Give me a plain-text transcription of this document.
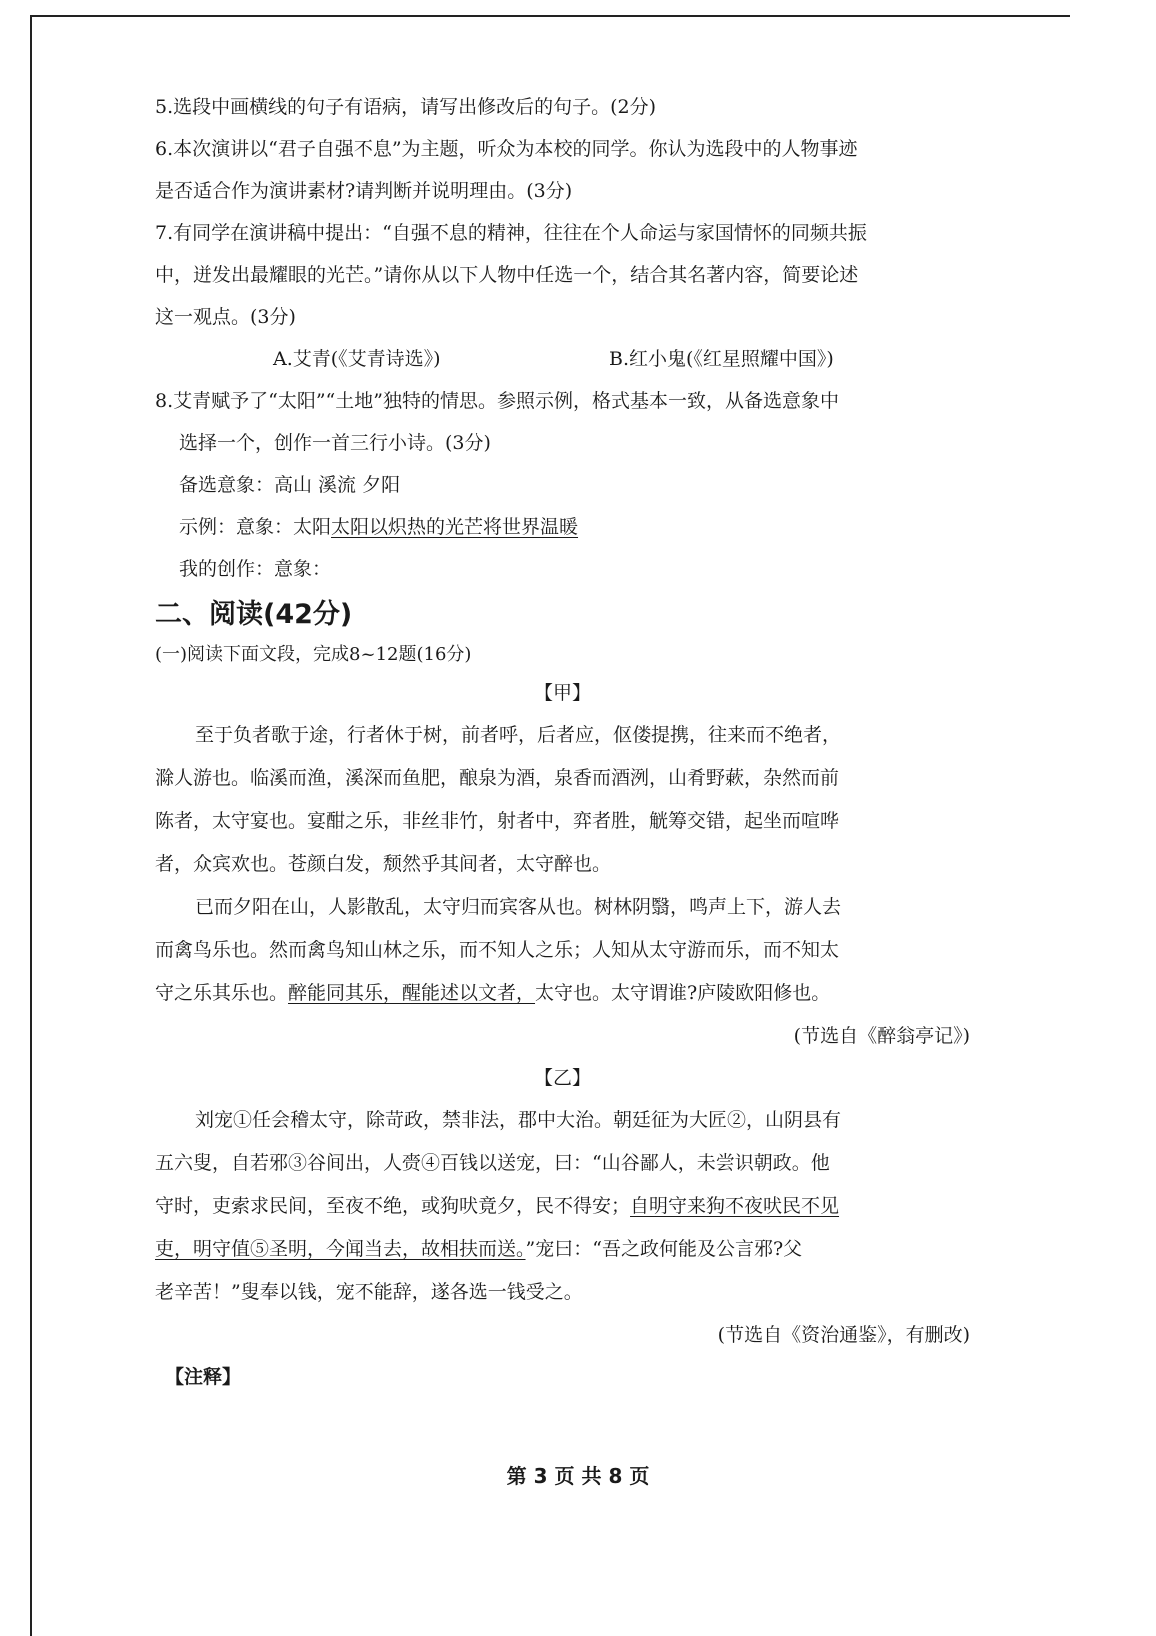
5.选段中画横线的句子有语病，请写出修改后的句子。(2分)
6.本次演讲以“君子自强不息”为主题，听众为本校的同学。你认为选段中的人物事迹
是否适合作为演讲素材?请判断并说明理由。(3分)
7.有同学在演讲稿中提出：“自强不息的精神，往往在个人命运与家国情怀的同频共振
中，迸发出最耀眼的光芒。”请你从以下人物中任选一个，结合其名著内容，简要论述
这一观点。(3分)
A.艾青(《艾青诗选》)	B.红小鬼(《红星照耀中国》)
8.艾青赋予了“太阳”“土地”独特的情思。参照示例，格式基本一致，从备选意象中
选择一个，创作一首三行小诗。(3分)
备选意象：高山 溪流 夕阳
示例：意象：太阳太阳以炽热的光芒将世界温暖
我的创作：意象：
二、阅读(42分)
(一)阅读下面文段，完成8~12题(16分)
【甲】
至于负者歌于途，行者休于树，前者呼，后者应，伛偻提携，往来而不绝者，
滁人游也。临溪而渔，溪深而鱼肥，酿泉为酒，泉香而酒洌，山肴野蔌，杂然而前
陈者，太守宴也。宴酣之乐，非丝非竹，射者中，弈者胜，觥筹交错，起坐而喧哗
者，众宾欢也。苍颜白发，颓然乎其间者，太守醉也。
已而夕阳在山，人影散乱，太守归而宾客从也。树林阴翳，鸣声上下，游人去
而禽鸟乐也。然而禽鸟知山林之乐，而不知人之乐；人知从太守游而乐，而不知太
守之乐其乐也。醉能同其乐，醒能述以文者，太守也。太守谓谁?庐陵欧阳修也。
(节选自《醉翁亭记》)
【乙】
刘宠①任会稽太守，除苛政，禁非法，郡中大治。朝廷征为大匠②，山阴县有
五六叟，自若邪③谷间出，人赍④百钱以送宠，曰：“山谷鄙人，未尝识朝政。他
守时，吏索求民间，至夜不绝，或狗吠竟夕，民不得安；自明守来狗不夜吠民不见
吏，明守值⑤圣明，今闻当去，故相扶而送。”宠曰：“吾之政何能及公言邪?父
老辛苦！”叟奉以钱，宠不能辞，遂各选一钱受之。
(节选自《资治通鉴》，有删改)
【注释】
第 3 页 共 8 页
